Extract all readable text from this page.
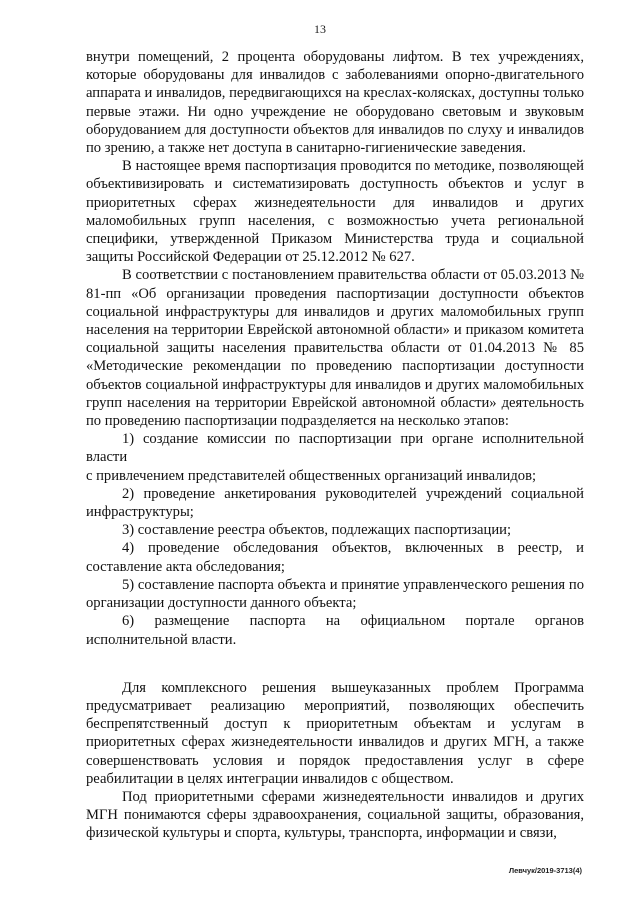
13

внутри помещений, 2 процента оборудованы лифтом. В тех учреждениях, которые оборудованы для инвалидов с заболеваниями опорно-двигательного аппарата и инвалидов, передвигающихся на креслах-колясках, доступны только первые этажи. Ни одно учреждение не оборудовано световым и звуковым оборудованием для доступности объектов для инвалидов по слуху и инвалидов по зрению, а также нет доступа в санитарно-гигиенические заведения.

В настоящее время паспортизация проводится по методике, позволяющей объективизировать и систематизировать доступность объектов и услуг в приоритетных сферах жизнедеятельности для инвалидов и других маломобильных групп населения, с возможностью учета региональной специфики, утвержденной Приказом Министерства труда и социальной защиты Российской Федерации от 25.12.2012 № 627.

В соответствии с постановлением правительства области от 05.03.2013 № 81-пп «Об организации проведения паспортизации доступности объектов социальной инфраструктуры для инвалидов и других маломобильных групп населения на территории Еврейской автономной области» и приказом комитета социальной защиты населения правительства области от 01.04.2013 № 85 «Методические рекомендации по проведению паспортизации доступности объектов социальной инфраструктуры для инвалидов и других маломобильных групп населения на территории Еврейской автономной области» деятельность по проведению паспортизации подразделяется на несколько этапов:

1) создание комиссии по паспортизации при органе исполнительной власти

с привлечением представителей общественных организаций инвалидов;

2) проведение анкетирования руководителей учреждений социальной инфраструктуры;

3) составление реестра объектов, подлежащих паспортизации;

4) проведение обследования объектов, включенных в реестр, и составление акта обследования;

5) составление паспорта объекта и принятие управленческого решения по организации доступности данного объекта;

6) размещение паспорта на официальном портале органов исполнительной власти.

Для комплексного решения вышеуказанных проблем Программа предусматривает реализацию мероприятий, позволяющих обеспечить беспрепятственный доступ к приоритетным объектам и услугам в приоритетных сферах жизнедеятельности инвалидов и других МГН, а также совершенствовать условия и порядок предоставления услуг в сфере реабилитации в целях интеграции инвалидов с обществом.

Под приоритетными сферами жизнедеятельности инвалидов и других МГН понимаются сферы здравоохранения, социальной защиты, образования, физической культуры и спорта, культуры, транспорта, информации и связи,

Левчук/2019-3713(4)
